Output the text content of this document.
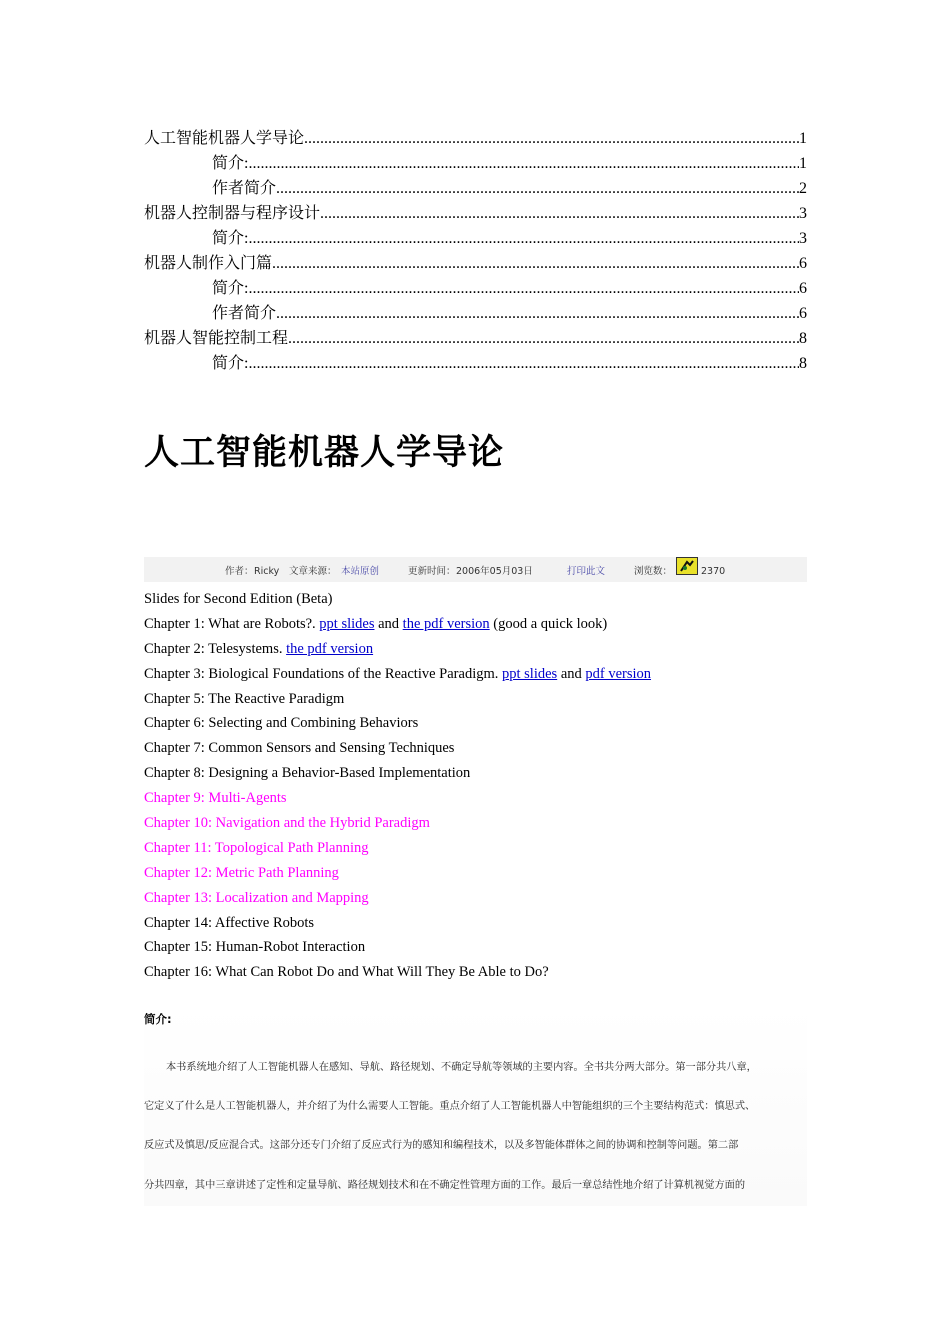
人工智能机器人学导论 .....	1
简介: .....	1
作者简介 .....	2
机器人控制器与程序设计 .....	3
简介: .....	3
机器人制作入门篇 .....	6
简介: .....	6
作者简介 .....	6
机器人智能控制工程 .....	8
简介: .....	8
人工智能机器人学导论
作者： Ricky 文章来源： 本站原创	更新时间： 2006年05月03日	打印此文	浏览数：	2370
Slides for Second Edition (Beta)
Chapter 1: What are Robots?. ppt slides and the pdf version (good a quick look)
Chapter 2: Telesystems. the pdf version
Chapter 3: Biological Foundations of the Reactive Paradigm. ppt slides and pdf version
Chapter 5: The Reactive Paradigm
Chapter 6: Selecting and Combining Behaviors
Chapter 7: Common Sensors and Sensing Techniques
Chapter 8: Designing a Behavior-Based Implementation
Chapter 9: Multi-Agents
Chapter 10: Navigation and the Hybrid Paradigm
Chapter 11: Topological Path Planning
Chapter 12: Metric Path Planning
Chapter 13: Localization and Mapping
Chapter 14: Affective Robots
Chapter 15: Human-Robot Interaction
Chapter 16: What Can Robot Do and What Will They Be Able to Do?
简介:
本书系统地介绍了人工智能机器人在感知、导航、路径规划、不确定导航等领域的主要内容。全书共分两大部分。第一部分共八章，
它定义了什么是人工智能机器人，并介绍了为什么需要人工智能。重点介绍了人工智能机器人中智能组织的三个主要结构范式：慎思式、
反应式及慎思/反应混合式。这部分还专门介绍了反应式行为的感知和编程技术，以及多智能体群体之间的协调和控制等问题。第二部
分共四章，其中三章讲述了定性和定量导航、路径规划技术和在不确定性管理方面的工作。最后一章总结性地介绍了计算机视觉方面的
